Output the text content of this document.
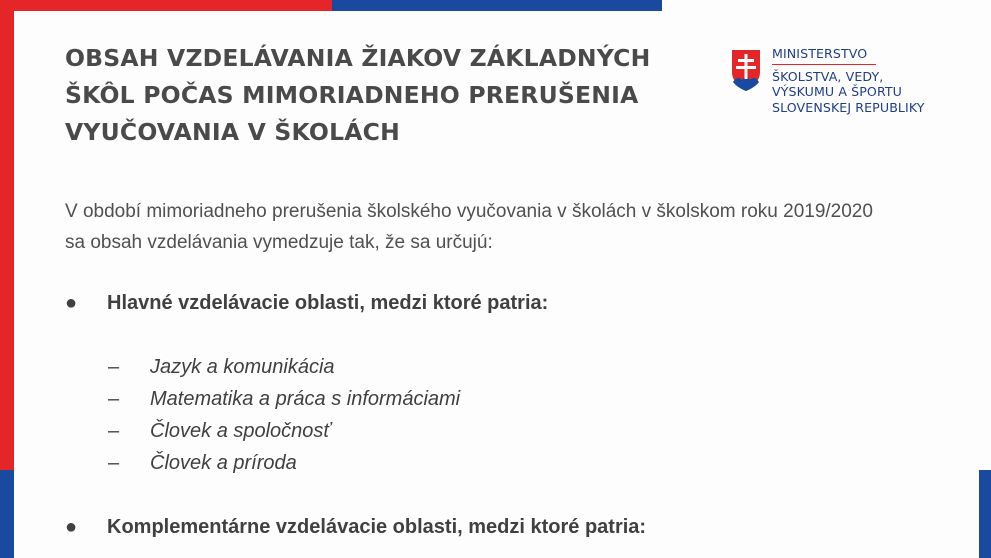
OBSAH VZDELÁVANIA ŽIAKOV ZÁKLADNÝCH ŠKÔL POČAS MIMORIADNEHO PRERUŠENIA VYUČOVANIA V ŠKOLÁCH
MINISTERSTVO
ŠKOLSTVA, VEDY,
VÝSKUMU A ŠPORTU
SLOVENSKEJ REPUBLIKY

V období mimoriadneho prerušenia školského vyučovania v školách v školskom roku 2019/2020 sa obsah vzdelávania vymedzuje tak, že sa určujú:

● Hlavné vzdelávacie oblasti, medzi ktoré patria:
– Jazyk a komunikácia
– Matematika a práca s informáciami
– Človek a spoločnosť
– Človek a príroda
● Komplementárne vzdelávacie oblasti, medzi ktoré patria:
